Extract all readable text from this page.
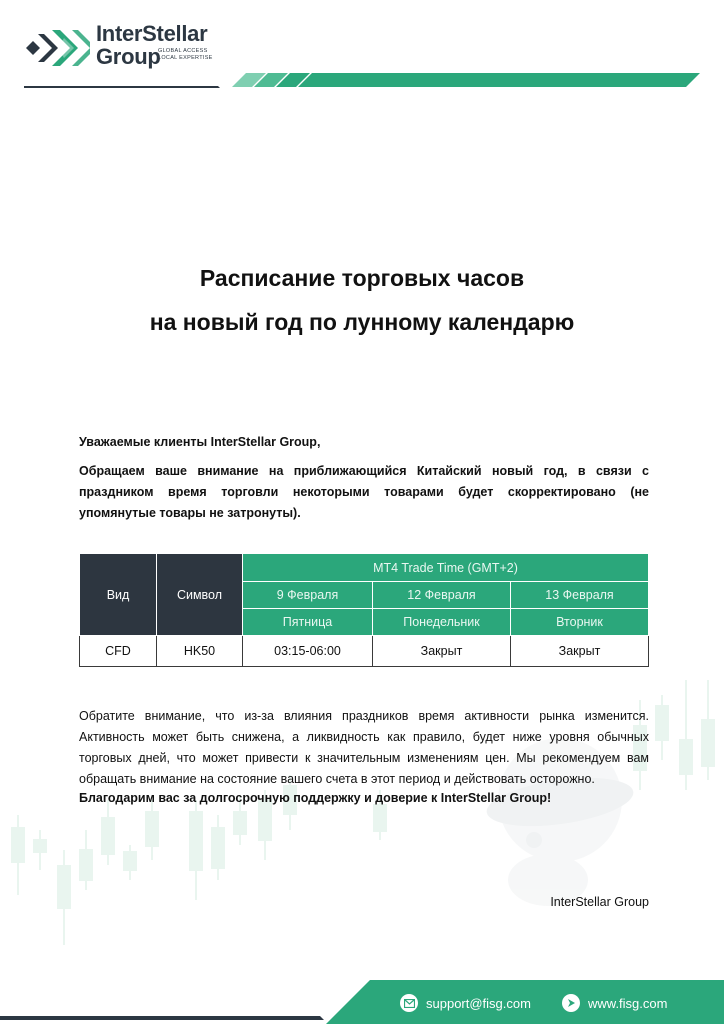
InterStellar
Group
GLOBAL ACCESS
LOCAL EXPERTISE
Расписание торговых часов
на новый год по лунному календарю
Уважаемые клиенты InterStellar Group,
Обращаем ваше внимание на приближающийся Китайский новый год, в связи с праздником время торговли некоторыми товарами будет скорректировано (не упомянутые товары не затронуты).
Вид	Символ	MT4 Trade Time (GMT+2)		
		9 Февраля	12 Февраля	13 Февраля
		Пятница	Понедельник	Вторник
CFD	HK50	03:15-06:00	Закрыт	Закрыт
Обратите внимание, что из-за влияния праздников время активности рынка изменится. Активность может быть снижена, а ликвидность как правило, будет ниже уровня обычных торговых дней, что может привести к значительным изменениям цен. Мы рекомендуем вам обращать внимание на состояние вашего счета в этот период и действовать осторожно.
Благодарим вас за долгосрочную поддержку и доверие к InterStellar Group!
InterStellar Group
support@fisg.com	www.fisg.com
